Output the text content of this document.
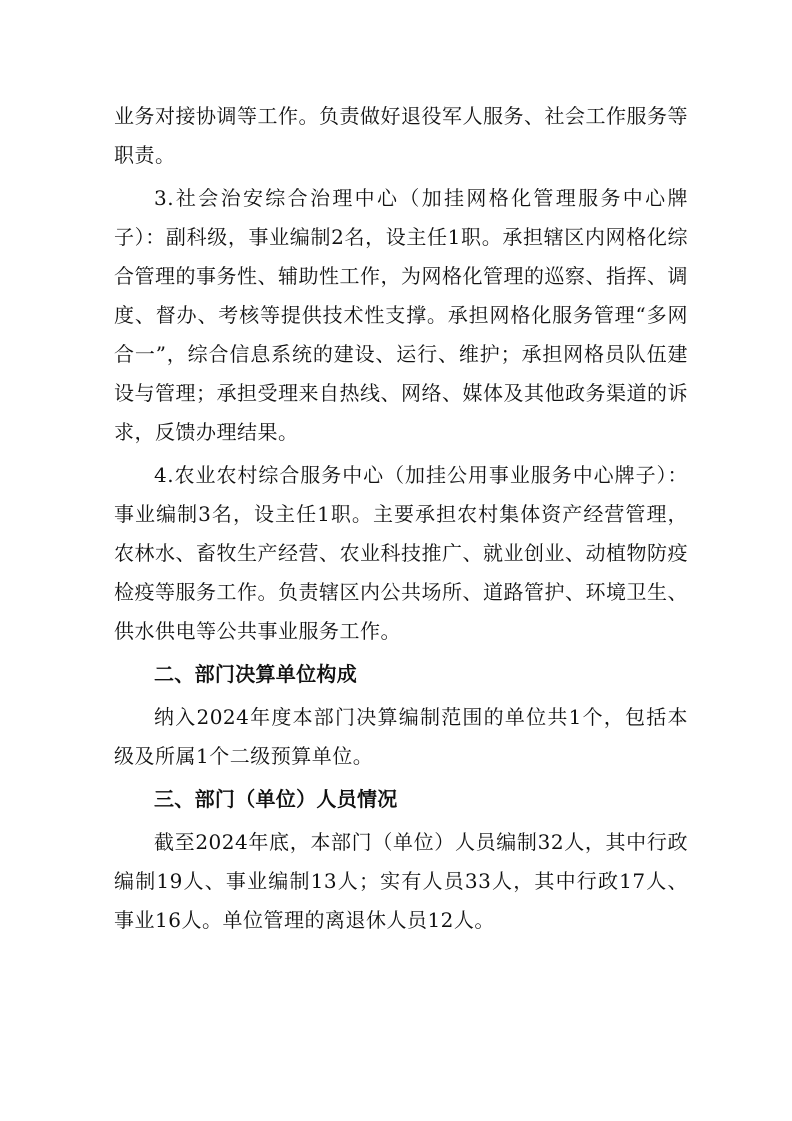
业务对接协调等工作。负责做好退役军人服务、社会工作服务等职责。

3.社会治安综合治理中心（加挂网格化管理服务中心牌子）：副科级，事业编制2名，设主任1职。承担辖区内网格化综合管理的事务性、辅助性工作，为网格化管理的巡察、指挥、调度、督办、考核等提供技术性支撑。承担网格化服务管理“多网合一”，综合信息系统的建设、运行、维护；承担网格员队伍建设与管理；承担受理来自热线、网络、媒体及其他政务渠道的诉求，反馈办理结果。

4.农业农村综合服务中心（加挂公用事业服务中心牌子）：事业编制3名，设主任1职。主要承担农村集体资产经营管理，农林水、畜牧生产经营、农业科技推广、就业创业、动植物防疫检疫等服务工作。负责辖区内公共场所、道路管护、环境卫生、供水供电等公共事业服务工作。

二、部门决算单位构成

纳入2024年度本部门决算编制范围的单位共1个，包括本级及所属1个二级预算单位。

三、部门（单位）人员情况

截至2024年底，本部门（单位）人员编制32人，其中行政编制19人、事业编制13人；实有人员33人，其中行政17人、事业16人。单位管理的离退休人员12人。
